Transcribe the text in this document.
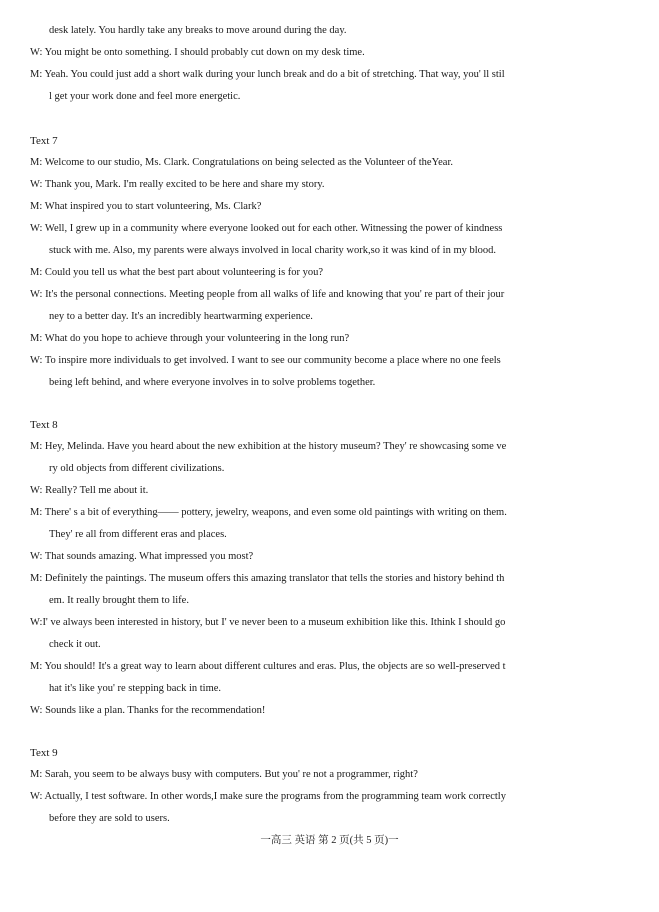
desk lately. You hardly take any breaks to move around during the day.
W: You might be onto something. I should probably cut down on my desk time.
M: Yeah. You could just add a short walk during your lunch break and do a bit of stretching. That way, you' ll stil
l get your work done and feel more energetic.
Text 7
M: Welcome to our studio, Ms. Clark. Congratulations on being selected as the Volunteer of theYear.
W: Thank you, Mark. I'm really excited to be here and share my story.
M: What inspired you to start volunteering, Ms. Clark?
W: Well, I grew up in a community where everyone looked out for each other. Witnessing the power of kindness
stuck with me. Also, my parents were always involved in local charity work,so it was kind of in my blood.
M: Could you tell us what the best part about volunteering is for you?
W: It's the personal connections. Meeting people from all walks of life and knowing that you' re part of their jour
ney to a better day. It's an incredibly heartwarming experience.
M: What do you hope to achieve through your volunteering in the long run?
W: To inspire more individuals to get involved. I want to see our community become a place where no one feels
being left behind, and where everyone involves in to solve problems together.
Text 8
M: Hey, Melinda. Have you heard about the new exhibition at the history museum? They' re showcasing some ve
ry old objects from different civilizations.
W: Really? Tell me about it.
M: There' s a bit of everything—— pottery, jewelry, weapons, and even some old paintings with writing on them.
They' re all from different eras and places.
W: That sounds amazing. What impressed you most?
M: Definitely the paintings. The museum offers this amazing translator that tells the stories and history behind th
em. It really brought them to life.
W:I' ve always been interested in history, but I' ve never been to a museum exhibition like this. Ithink I should go
check it out.
M: You should! It's a great way to learn about different cultures and eras. Plus, the objects are so well-preserved t
hat it's like you' re stepping back in time.
W: Sounds like a plan. Thanks for the recommendation!
Text 9
M: Sarah, you seem to be always busy with computers. But you' re not a programmer, right?
W: Actually, I test software. In other words,I make sure the programs from the programming team work correctly
before they are sold to users.
一高三 英语 第 2 页(共 5 页)一
